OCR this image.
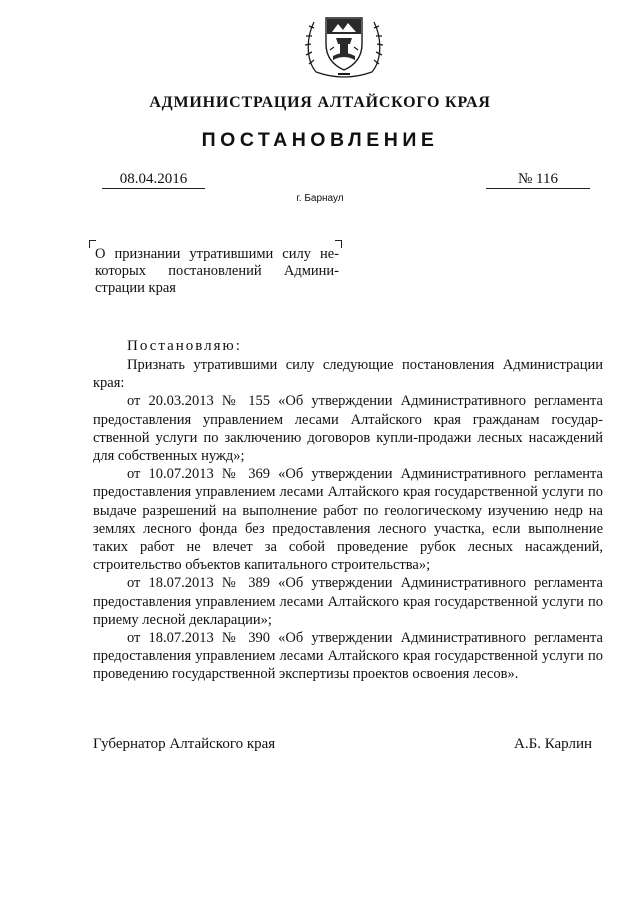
АДМИНИСТРАЦИЯ АЛТАЙСКОГО КРАЯ
ПОСТАНОВЛЕНИЕ
08.04.2016	№ 116
г. Барнаул
О признании утратившими силу некоторых постановлений Администрации края
Постановляю:

Признать утратившими силу следующие постановления Администрации края:

от 20.03.2013 № 155 «Об утверждении Административного регламента предоставления управлением лесами Алтайского края гражданам государственной услуги по заключению договоров купли-продажи лесных насаждений для собственных нужд»;

от 10.07.2013 № 369 «Об утверждении Административного регламента предоставления управлением лесами Алтайского края государственной услуги по выдаче разрешений на выполнение работ по геологическому изучению недр на землях лесного фонда без предоставления лесного участка, если выполнение таких работ не влечет за собой проведение рубок лесных насаждений, строительство объектов капитального строительства»;

от 18.07.2013 № 389 «Об утверждении Административного регламента предоставления управлением лесами Алтайского края государственной услуги по приему лесной декларации»;

от 18.07.2013 № 390 «Об утверждении Административного регламента предоставления управлением лесами Алтайского края государственной услуги по проведению государственной экспертизы проектов освоения лесов».

Губернатор Алтайского края	А.Б. Карлин
